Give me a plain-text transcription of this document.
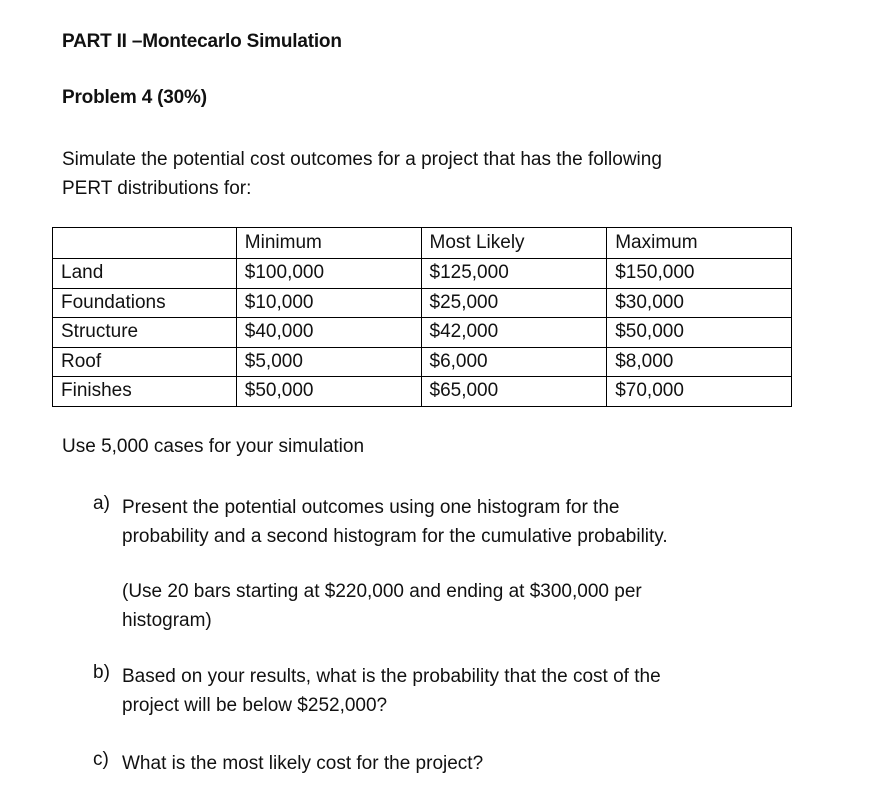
PART II –Montecarlo Simulation
Problem 4 (30%)
Simulate the potential cost outcomes for a project that has the following
PERT distributions for:
	Minimum	Most Likely	Maximum
Land	$100,000	$125,000	$150,000
Foundations	$10,000	$25,000	$30,000
Structure	$40,000	$42,000	$50,000
Roof	$5,000	$6,000	$8,000
Finishes	$50,000	$65,000	$70,000
Use 5,000 cases for your simulation
a) Present the potential outcomes using one histogram for the
probability and a second histogram for the cumulative probability.
(Use 20 bars starting at $220,000 and ending at $300,000 per
histogram)
b) Based on your results, what is the probability that the cost of the
project will be below $252,000?
c) What is the most likely cost for the project?
